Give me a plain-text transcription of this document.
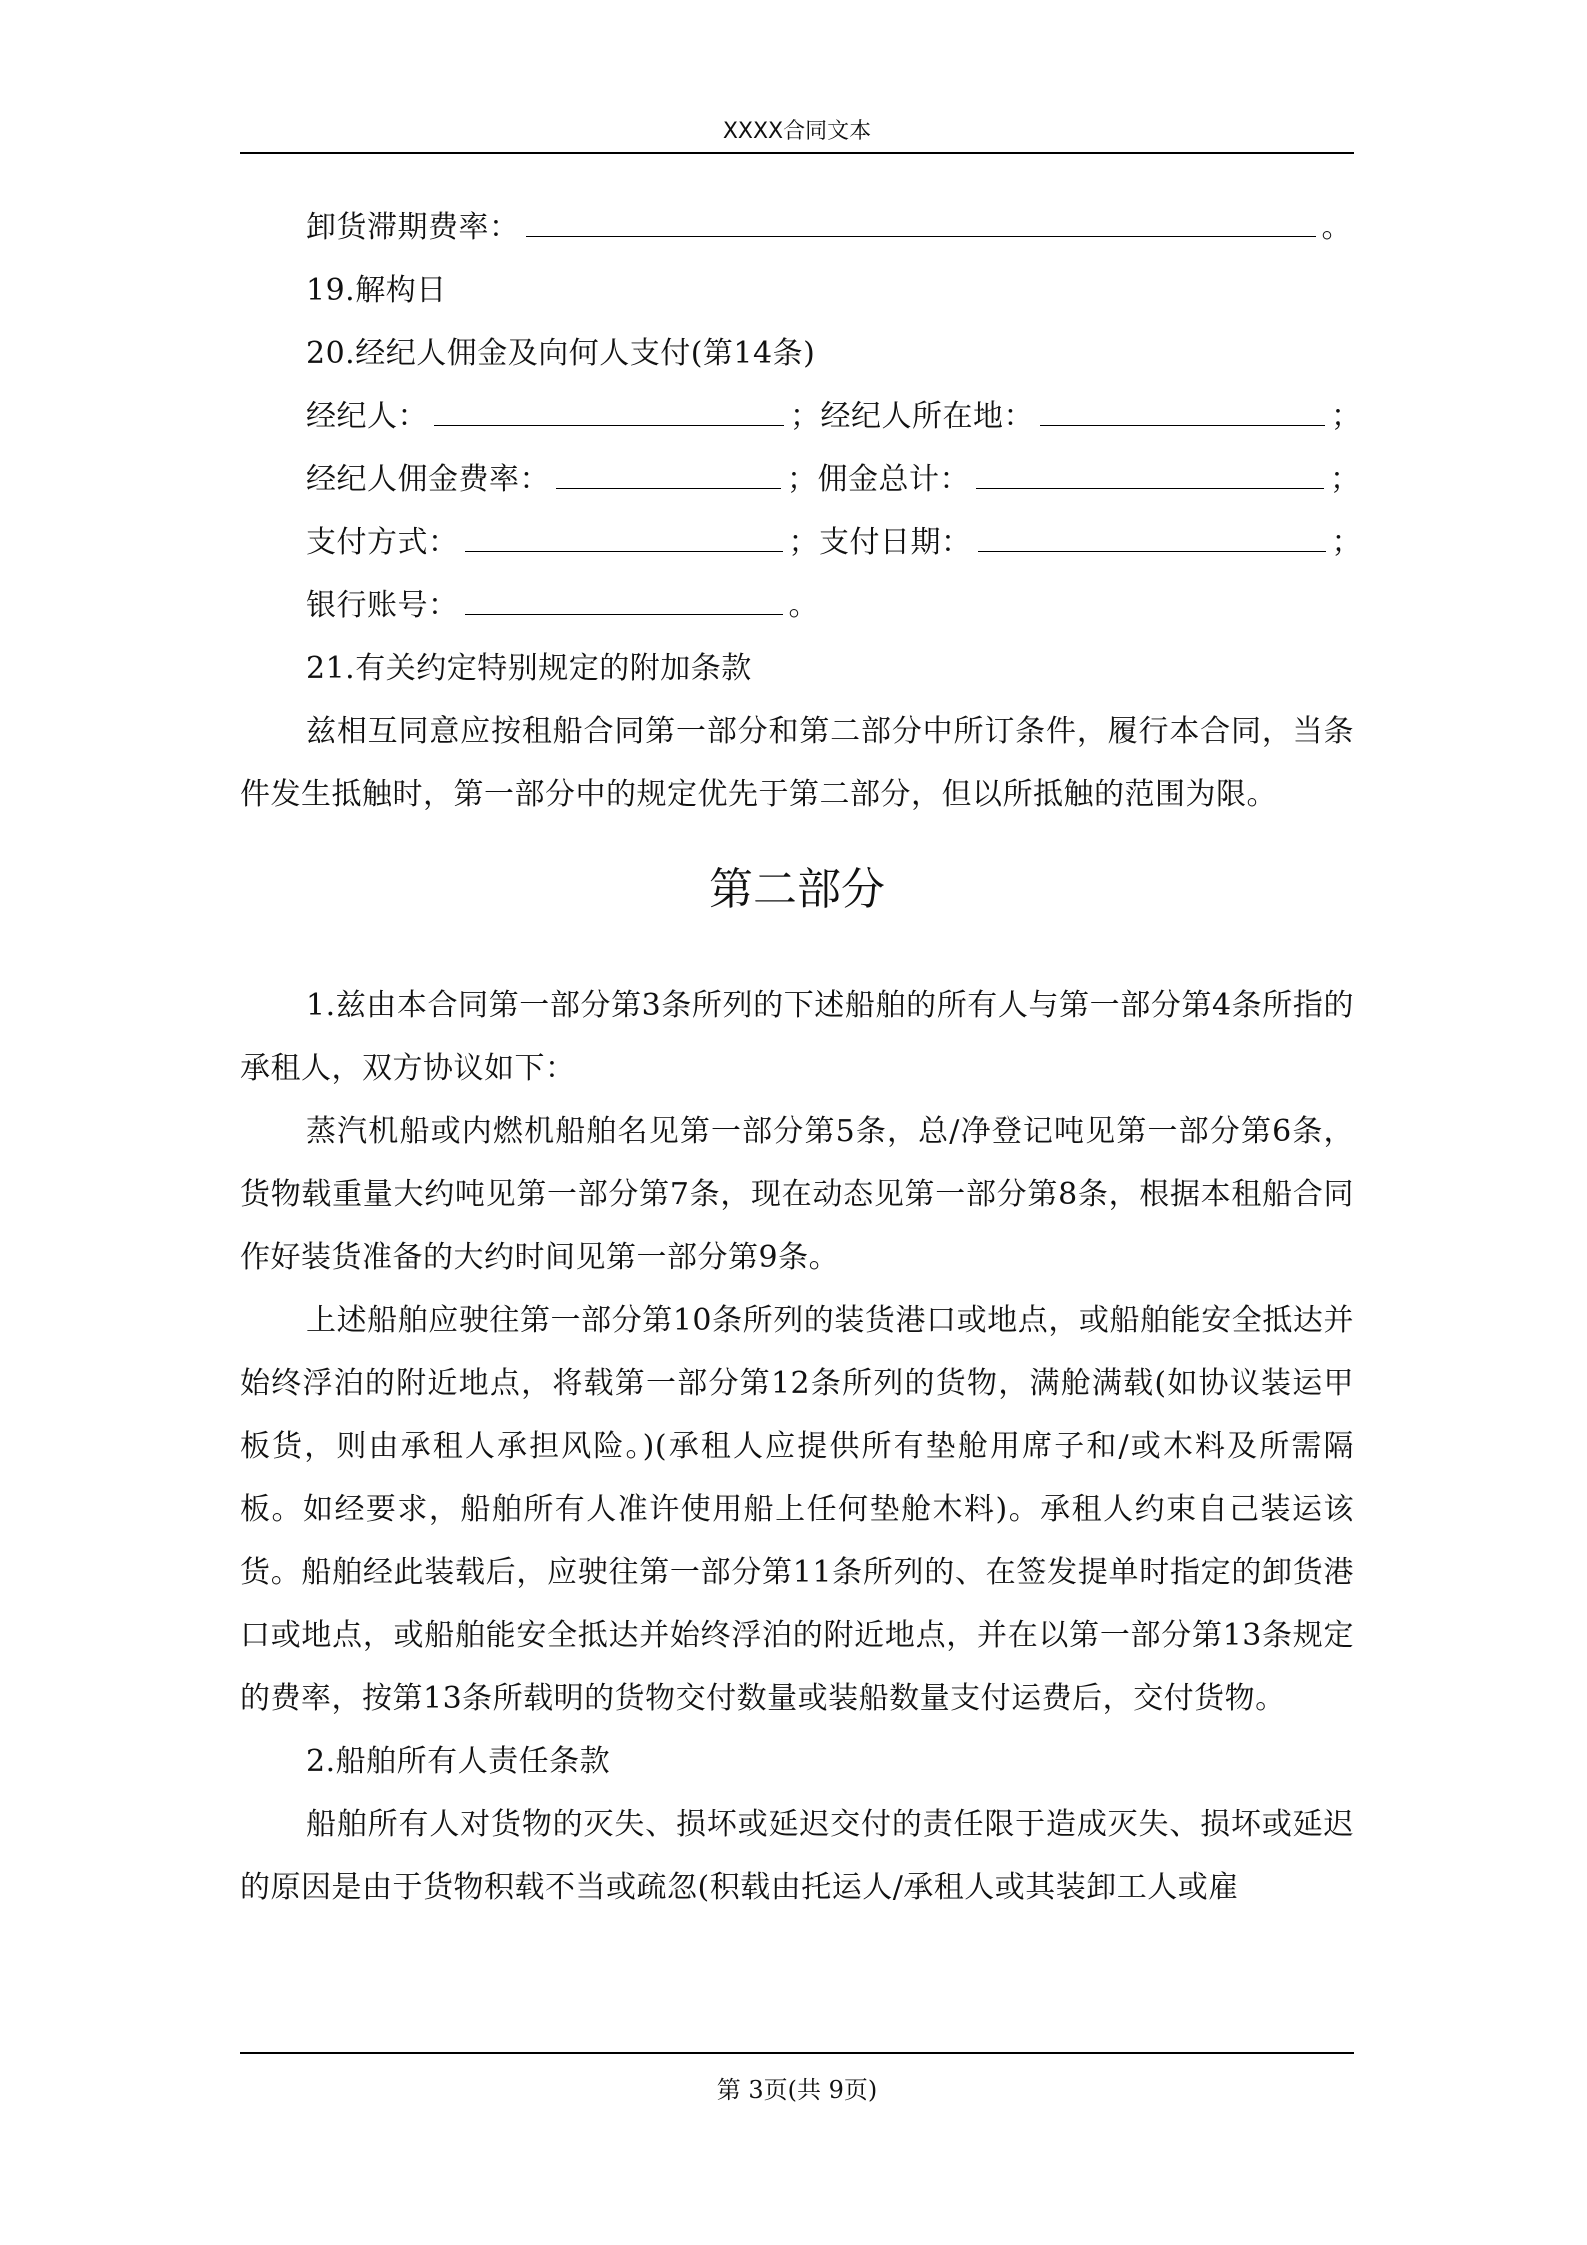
XXXX合同文本
卸货滞期费率：	。
19.解构日
20.经纪人佣金及向何人支付(第14条)
经纪人：	；经纪人所在地：	；
经纪人佣金费率：	；佣金总计：	；
支付方式：	；支付日期：	；
银行账号：	。
21.有关约定特别规定的附加条款
兹相互同意应按租船合同第一部分和第二部分中所订条件，履行本合同，当条件发生抵触时，第一部分中的规定优先于第二部分，但以所抵触的范围为限。
第二部分
1.兹由本合同第一部分第3条所列的下述船舶的所有人与第一部分第4条所指的承租人，双方协议如下：
蒸汽机船或内燃机船舶名见第一部分第5条，总/净登记吨见第一部分第6条，货物载重量大约吨见第一部分第7条，现在动态见第一部分第8条，根据本租船合同作好装货准备的大约时间见第一部分第9条。
上述船舶应驶往第一部分第10条所列的装货港口或地点，或船舶能安全抵达并始终浮泊的附近地点，将载第一部分第12条所列的货物，满舱满载(如协议装运甲板货，则由承租人承担风险。)(承租人应提供所有垫舱用席子和/或木料及所需隔板。如经要求，船舶所有人准许使用船上任何垫舱木料)。承租人约束自己装运该货。船舶经此装载后，应驶往第一部分第11条所列的、在签发提单时指定的卸货港口或地点，或船舶能安全抵达并始终浮泊的附近地点，并在以第一部分第13条规定的费率，按第13条所载明的货物交付数量或装船数量支付运费后，交付货物。
2.船舶所有人责任条款
船舶所有人对货物的灭失、损坏或延迟交付的责任限于造成灭失、损坏或延迟的原因是由于货物积载不当或疏忽(积载由托运人/承租人或其装卸工人或雇
第 3页(共 9页)
